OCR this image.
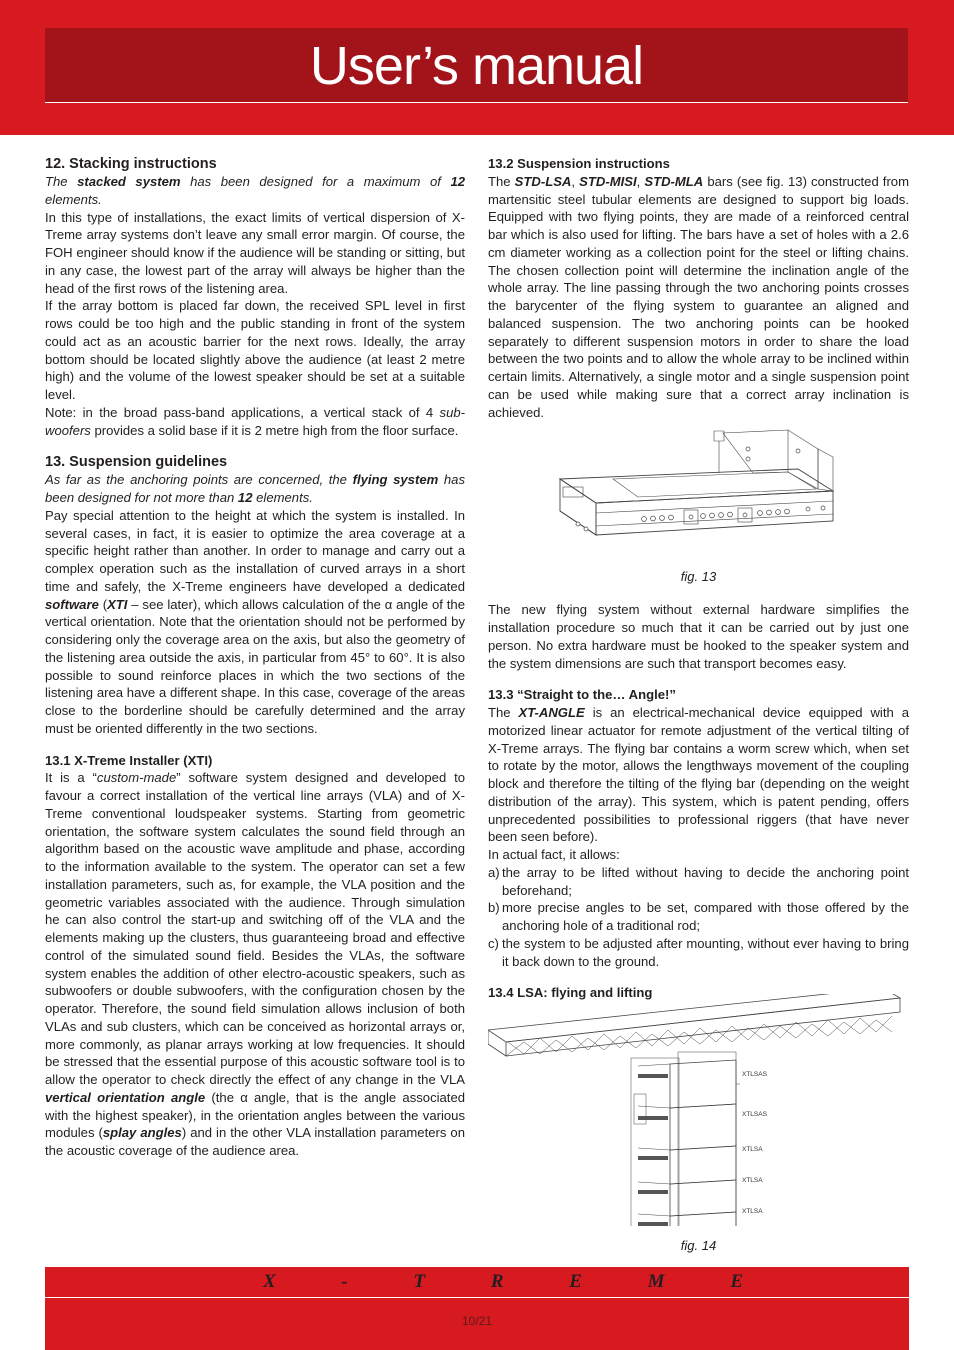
User’s manual
12. Stacking instructions

The stacked system has been designed for a maximum of 12 elements.

In this type of installations, the exact limits of vertical dispersion of X-Treme array systems don’t leave any small error margin. Of course, the FOH engineer should know if the audience will be standing or sitting, but in any case, the lowest part of the array will always be higher than the head of the first rows of the listening area.

If the array bottom is placed far down, the received SPL level in first rows could be too high and the public standing in front of the system could act as an acoustic barrier for the next rows. Ideally, the array bottom should be located slightly above the audience (at least 2 metre high) and the volume of the lowest speaker should be set at a suitable level.

Note: in the broad pass-band applications, a vertical stack of 4 sub-woofers provides a solid base if it is 2 metre high from the floor surface.

13. Suspension guidelines

As far as the anchoring points are concerned, the flying system has been designed for not more than 12 elements.

Pay special attention to the height at which the system is installed. In several cases, in fact, it is easier to optimize the area coverage at a specific height rather than another. In order to manage and carry out a complex operation such as the installation of curved arrays in a short time and safely, the X-Treme engineers have developed a dedicated software (XTI – see later), which allows calculation of the α angle of the vertical orientation. Note that the orientation should not be performed by considering only the coverage area on the axis, but also the geometry of the listening area outside the axis, in particular from 45° to 60°. It is also possible to sound reinforce places in which the two sections of the listening area have a different shape. In this case, coverage of the areas close to the borderline should be carefully determined and the array must be oriented differently in the two sections.

13.1 X-Treme Installer (XTI)

It is a “custom-made” software system designed and developed to favour a correct installation of the vertical line arrays (VLA) and of X-Treme conventional loudspeaker systems. Starting from geometric orientation, the software system calculates the sound field through an algorithm based on the acoustic wave amplitude and phase, according to the information available to the system. The operator can set a few installation parameters, such as, for example, the VLA position and the geometric variables associated with the audience. Through simulation he can also control the start-up and switching off of the VLA and the elements making up the clusters, thus guaranteeing broad and effective control of the simulated sound field. Besides the VLAs, the software system enables the addition of other electro-acoustic speakers, such as subwoofers or double subwoofers, with the configuration chosen by the operator. Therefore, the sound field simulation allows inclusion of both VLAs and sub clusters, which can be conceived as horizontal arrays or, more commonly, as planar arrays working at low frequencies. It should be stressed that the essential purpose of this acoustic software tool is to allow the operator to check directly the effect of any change in the VLA vertical orientation angle (the α angle, that is the angle associated with the highest speaker), in the orientation angles between the various modules (splay angles) and in the other VLA installation parameters on the acoustic coverage of the audience area.

13.2 Suspension instructions

The STD-LSA, STD-MISI, STD-MLA bars (see fig. 13) constructed from martensitic steel tubular elements are designed to support big loads. Equipped with two flying points, they are made of a reinforced central bar which is also used for lifting. The bars have a set of holes with a 2.6 cm diameter working as a collection point for the steel or lifting chains. The chosen collection point will determine the inclination angle of the whole array. The line passing through the two anchoring points crosses the barycenter of the flying system to guarantee an aligned and balanced suspension. The two anchoring points can be hooked separately to different suspension motors in order to share the load between the two points and to allow the whole array to be inclined within certain limits. Alternatively, a single motor and a single suspension point can be used while making sure that a correct array inclination is achieved.

fig. 13

The new flying system without external hardware simplifies the installation procedure so much that it can be carried out by just one person. No extra hardware must be hooked to the speaker system and the system dimensions are such that transport becomes easy.

13.3 “Straight to the… Angle!”

The XT-ANGLE is an electrical-mechanical device equipped with a motorized linear actuator for remote adjustment of the vertical tilting of X-Treme arrays. The flying bar contains a worm screw which, when set to rotate by the motor, allows the lengthways movement of the coupling block and therefore the tilting of the flying bar (depending on the weight distribution of the array). This system, which is patent pending, offers unprecedented possibilities to professional riggers (that have never been seen before).

In actual fact, it allows:

a) the array to be lifted without having to decide the anchoring point beforehand;
b) more precise angles to be set, compared with those offered by the anchoring hole of a traditional rod;
c) the system to be adjusted after mounting, without ever having to bring it back down to the ground.
13.4 LSA: flying and lifting
XTLSAS
XTLSAS
XTLSA
XTLSA
XTLSA
fig. 14
X	-	T	R	E	M	E
10/21
